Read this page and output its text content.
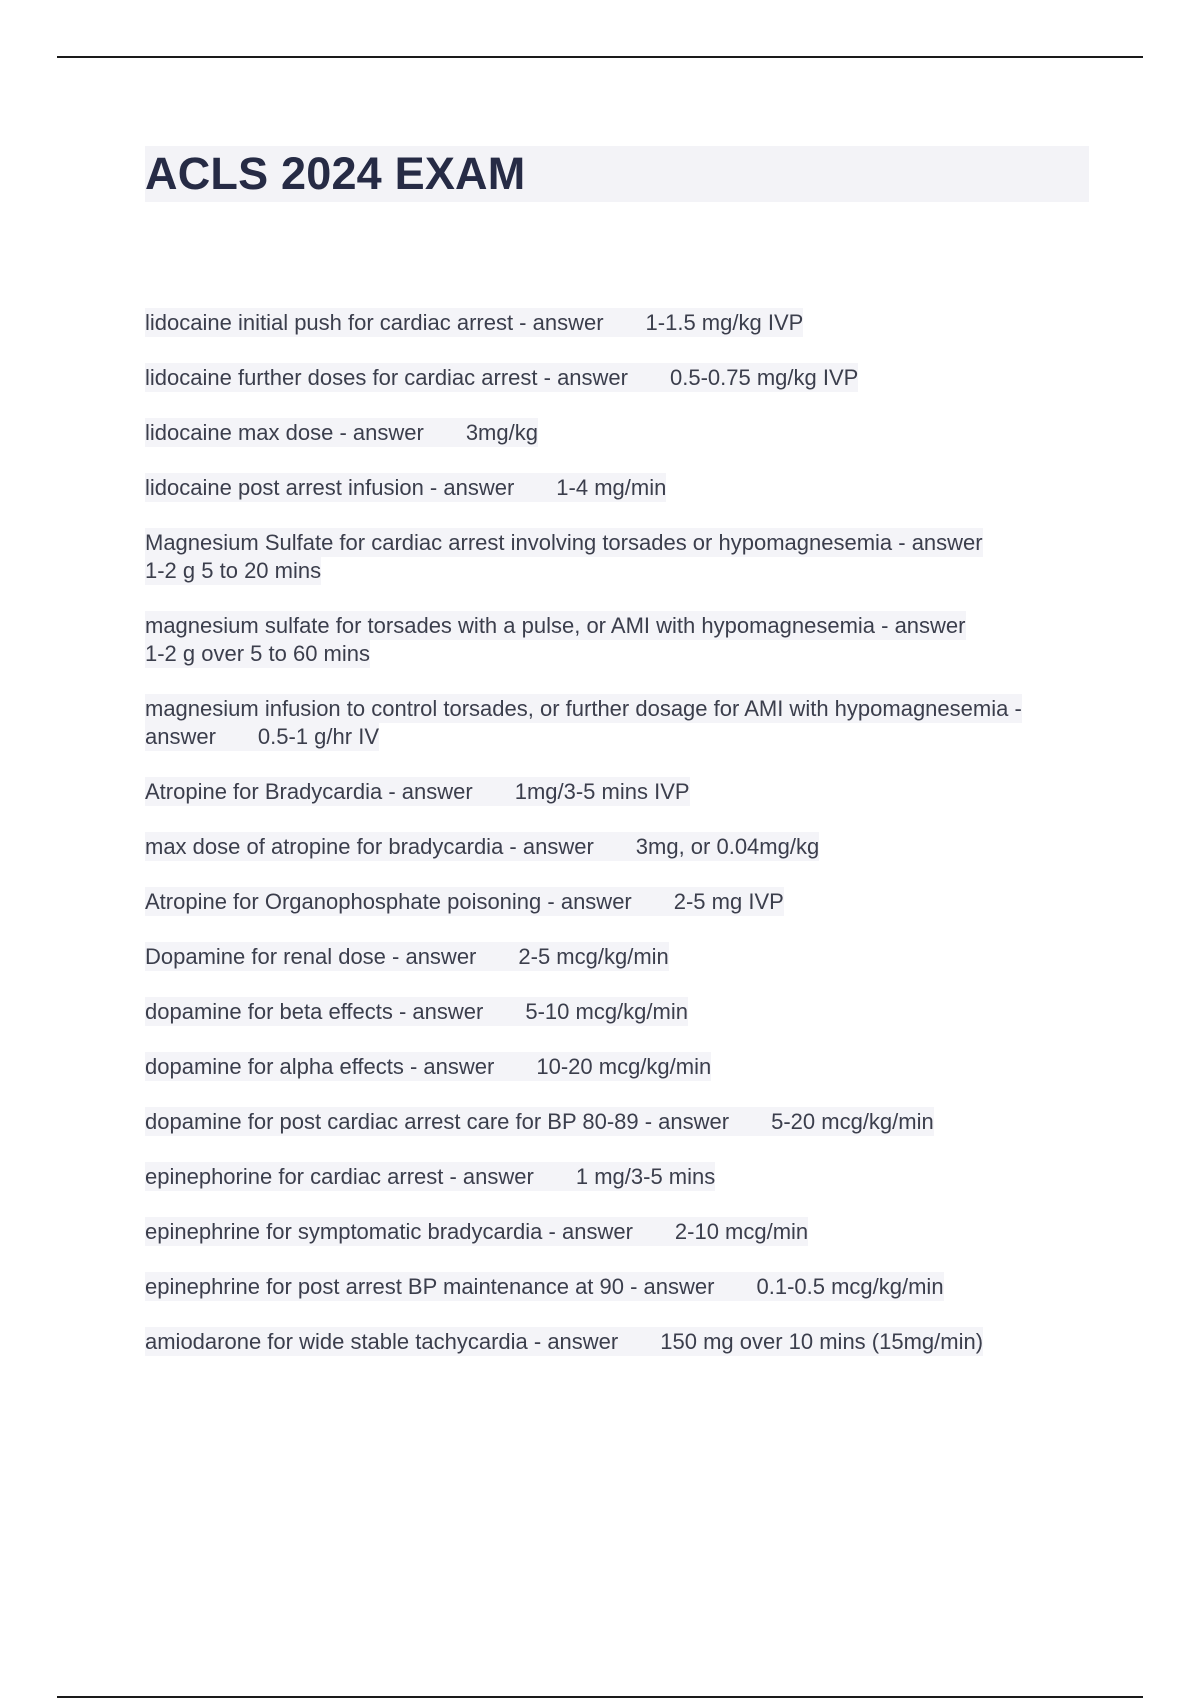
ACLS 2024 EXAM
lidocaine initial push for cardiac arrest - answer 1-1.5 mg/kg IVP
lidocaine further doses for cardiac arrest - answer 0.5-0.75 mg/kg IVP
lidocaine max dose - answer 3mg/kg
lidocaine post arrest infusion - answer 1-4 mg/min
Magnesium Sulfate for cardiac arrest involving torsades or hypomagnesemia - answer
1-2 g 5 to 20 mins
magnesium sulfate for torsades with a pulse, or AMI with hypomagnesemia - answer
1-2 g over 5 to 60 mins
magnesium infusion to control torsades, or further dosage for AMI with hypomagnesemia - answer 0.5-1 g/hr IV
Atropine for Bradycardia - answer 1mg/3-5 mins IVP
max dose of atropine for bradycardia - answer 3mg, or 0.04mg/kg
Atropine for Organophosphate poisoning - answer 2-5 mg IVP
Dopamine for renal dose - answer 2-5 mcg/kg/min
dopamine for beta effects - answer 5-10 mcg/kg/min
dopamine for alpha effects - answer 10-20 mcg/kg/min
dopamine for post cardiac arrest care for BP 80-89 - answer 5-20 mcg/kg/min
epinephorine for cardiac arrest - answer 1 mg/3-5 mins
epinephrine for symptomatic bradycardia - answer 2-10 mcg/min
epinephrine for post arrest BP maintenance at 90 - answer 0.1-0.5 mcg/kg/min
amiodarone for wide stable tachycardia - answer 150 mg over 10 mins (15mg/min)
